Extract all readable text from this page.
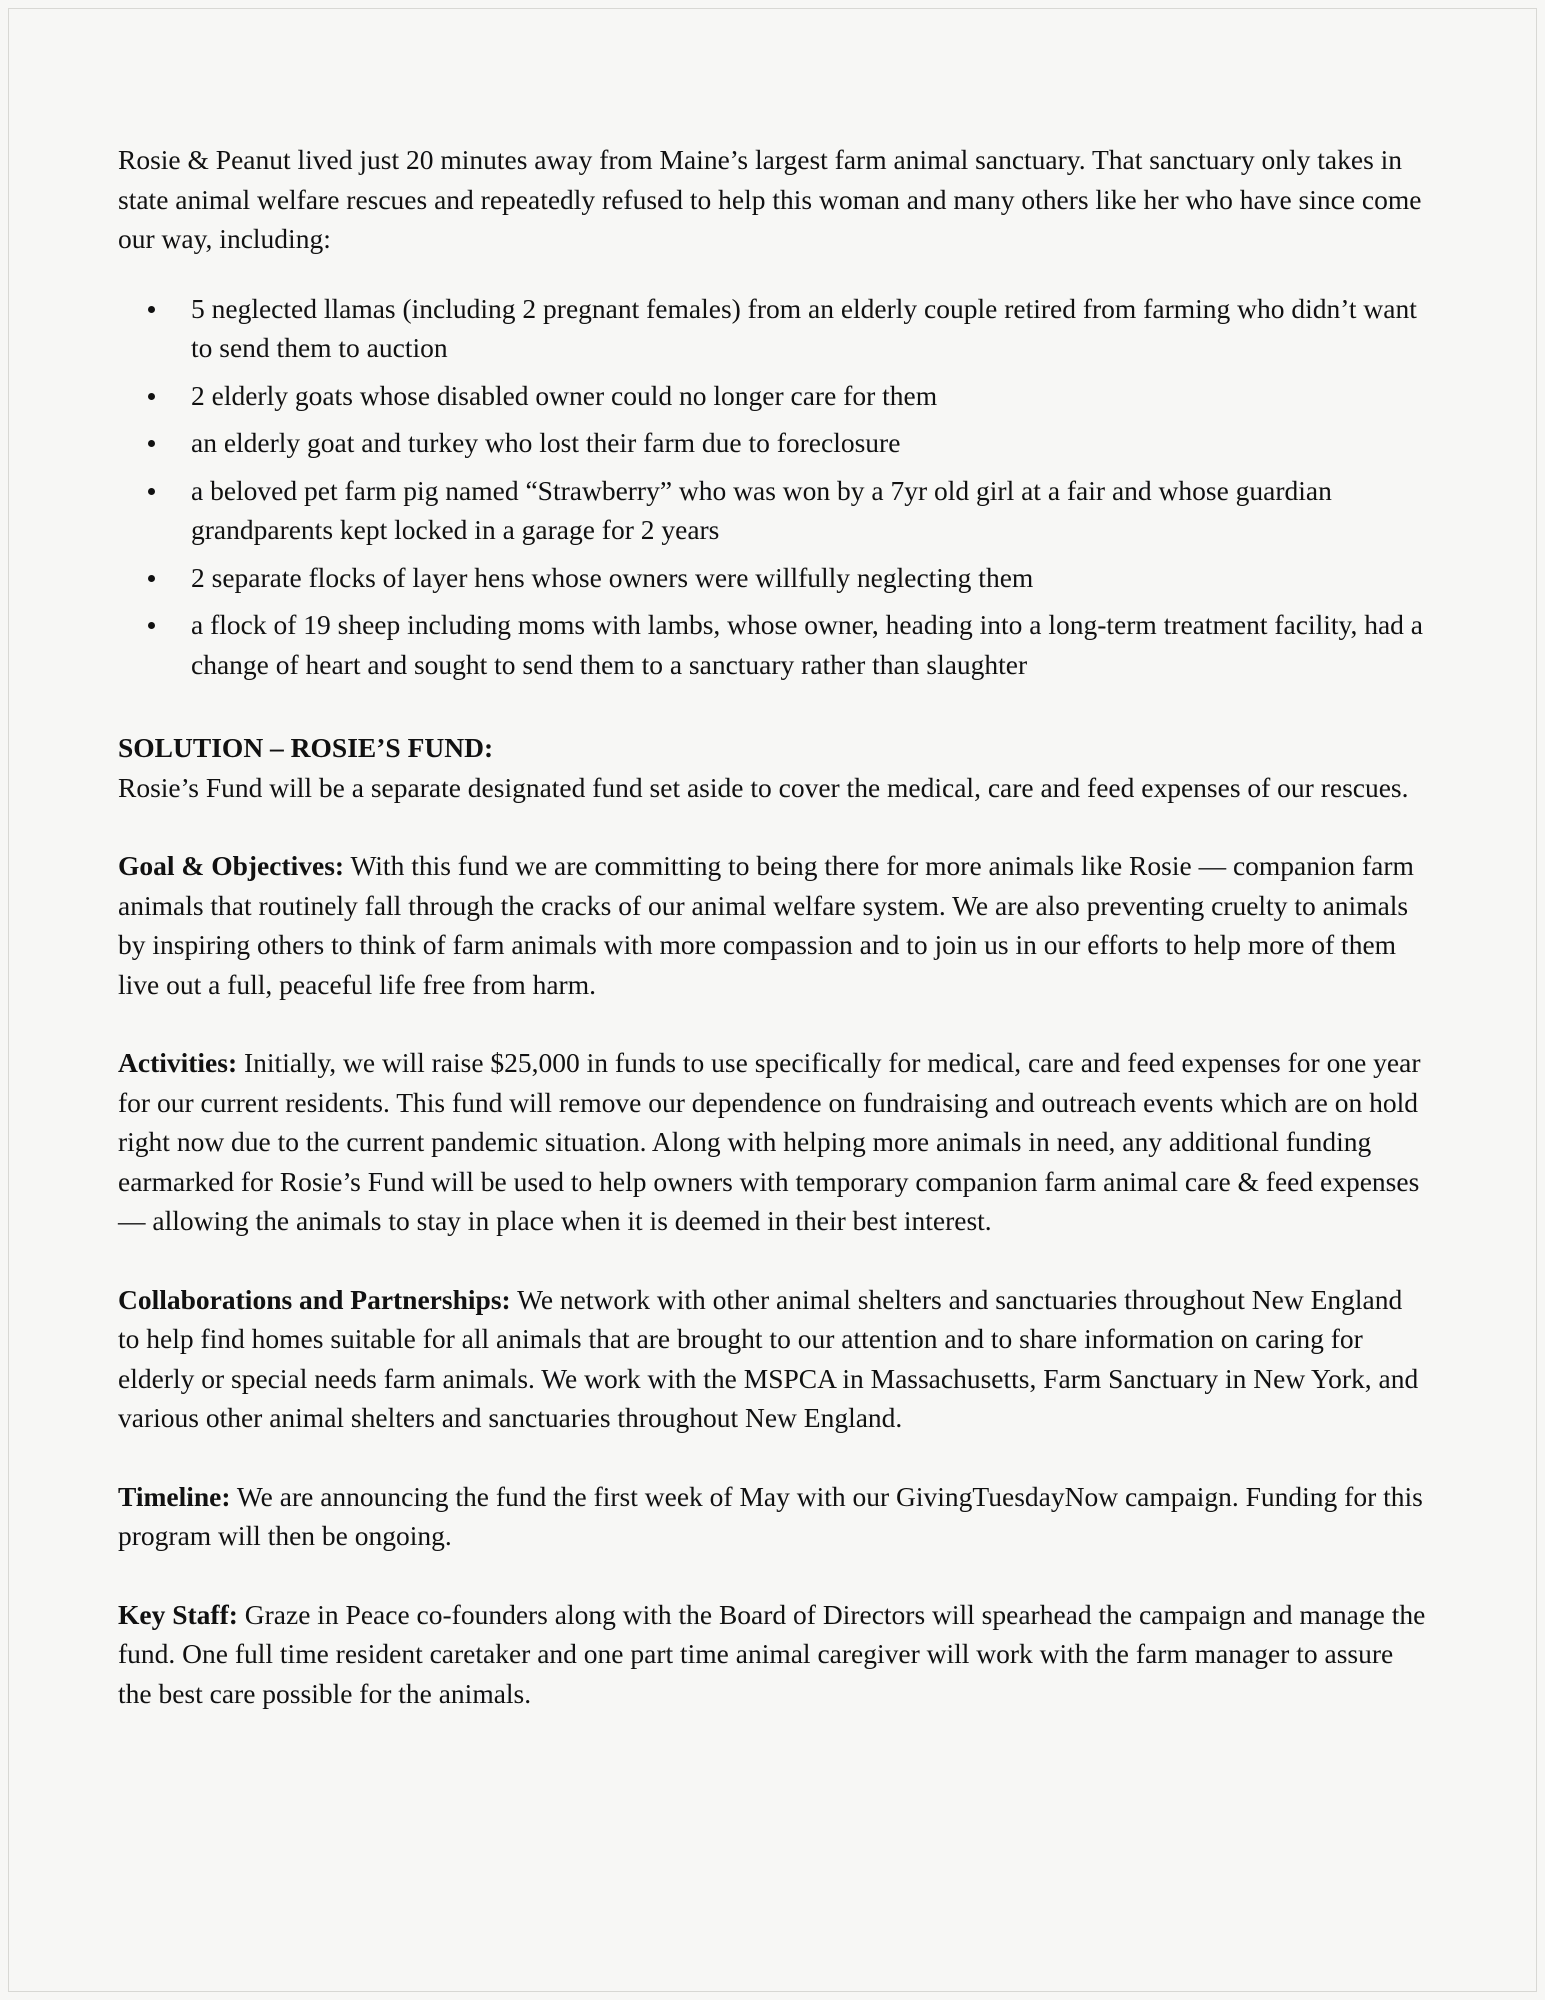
Rosie & Peanut lived just 20 minutes away from Maine’s largest farm animal sanctuary. That sanctuary only takes in state animal welfare rescues and repeatedly refused to help this woman and many others like her who have since come our way, including:

5 neglected llamas (including 2 pregnant females) from an elderly couple retired from farming who didn’t want to send them to auction
2 elderly goats whose disabled owner could no longer care for them
an elderly goat and turkey who lost their farm due to foreclosure
a beloved pet farm pig named “Strawberry” who was won by a 7yr old girl at a fair and whose guardian grandparents kept locked in a garage for 2 years
2 separate flocks of layer hens whose owners were willfully neglecting them
a flock of 19 sheep including moms with lambs, whose owner, heading into a long-term treatment facility, had a change of heart and sought to send them to a sanctuary rather than slaughter

SOLUTION – ROSIE’S FUND:

Rosie’s Fund will be a separate designated fund set aside to cover the medical, care and feed expenses of our rescues.

Goal & Objectives: With this fund we are committing to being there for more animals like Rosie — companion farm animals that routinely fall through the cracks of our animal welfare system. We are also preventing cruelty to animals by inspiring others to think of farm animals with more compassion and to join us in our efforts to help more of them live out a full, peaceful life free from harm.

Activities: Initially, we will raise $25,000 in funds to use specifically for medical, care and feed expenses for one year for our current residents. This fund will remove our dependence on fundraising and outreach events which are on hold right now due to the current pandemic situation. Along with helping more animals in need, any additional funding earmarked for Rosie’s Fund will be used to help owners with temporary companion farm animal care & feed expenses — allowing the animals to stay in place when it is deemed in their best interest.

Collaborations and Partnerships: We network with other animal shelters and sanctuaries throughout New England to help find homes suitable for all animals that are brought to our attention and to share information on caring for elderly or special needs farm animals. We work with the MSPCA in Massachusetts, Farm Sanctuary in New York, and various other animal shelters and sanctuaries throughout New England.

Timeline: We are announcing the fund the first week of May with our GivingTuesdayNow campaign. Funding for this program will then be ongoing.

Key Staff: Graze in Peace co-founders along with the Board of Directors will spearhead the campaign and manage the fund. One full time resident caretaker and one part time animal caregiver will work with the farm manager to assure the best care possible for the animals.
